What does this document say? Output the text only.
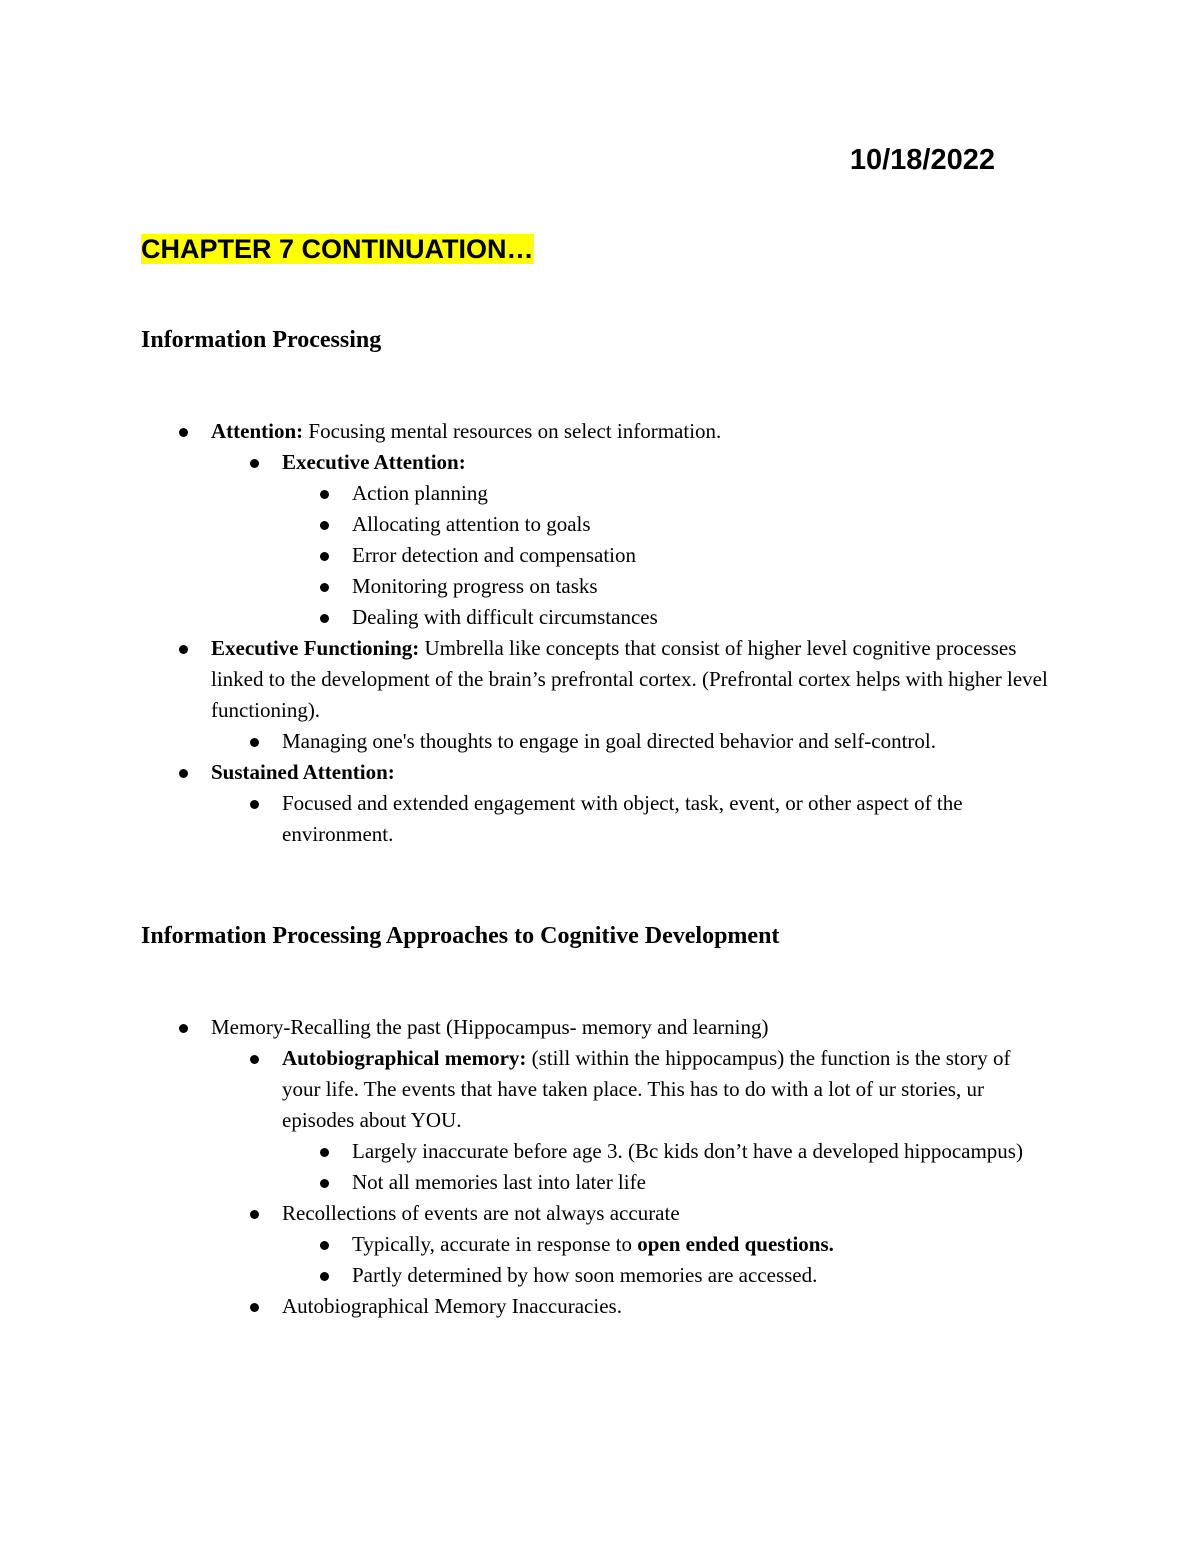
10/18/2022
CHAPTER 7 CONTINUATION…
Information Processing
Attention: Focusing mental resources on select information.
Executive Attention:
Action planning
Allocating attention to goals
Error detection and compensation
Monitoring progress on tasks
Dealing with difficult circumstances
Executive Functioning: Umbrella like concepts that consist of higher level cognitive processes linked to the development of the brain’s prefrontal cortex. (Prefrontal cortex helps with higher level functioning).
Managing one's thoughts to engage in goal directed behavior and self-control.
Sustained Attention:
Focused and extended engagement with object, task, event, or other aspect of the environment.
Information Processing Approaches to Cognitive Development
Memory-Recalling the past (Hippocampus- memory and learning)
Autobiographical memory: (still within the hippocampus) the function is the story of your life. The events that have taken place. This has to do with a lot of ur stories, ur episodes about YOU.
Largely inaccurate before age 3. (Bc kids don’t have a developed hippocampus)
Not all memories last into later life
Recollections of events are not always accurate
Typically, accurate in response to open ended questions.
Partly determined by how soon memories are accessed.
Autobiographical Memory Inaccuracies.
